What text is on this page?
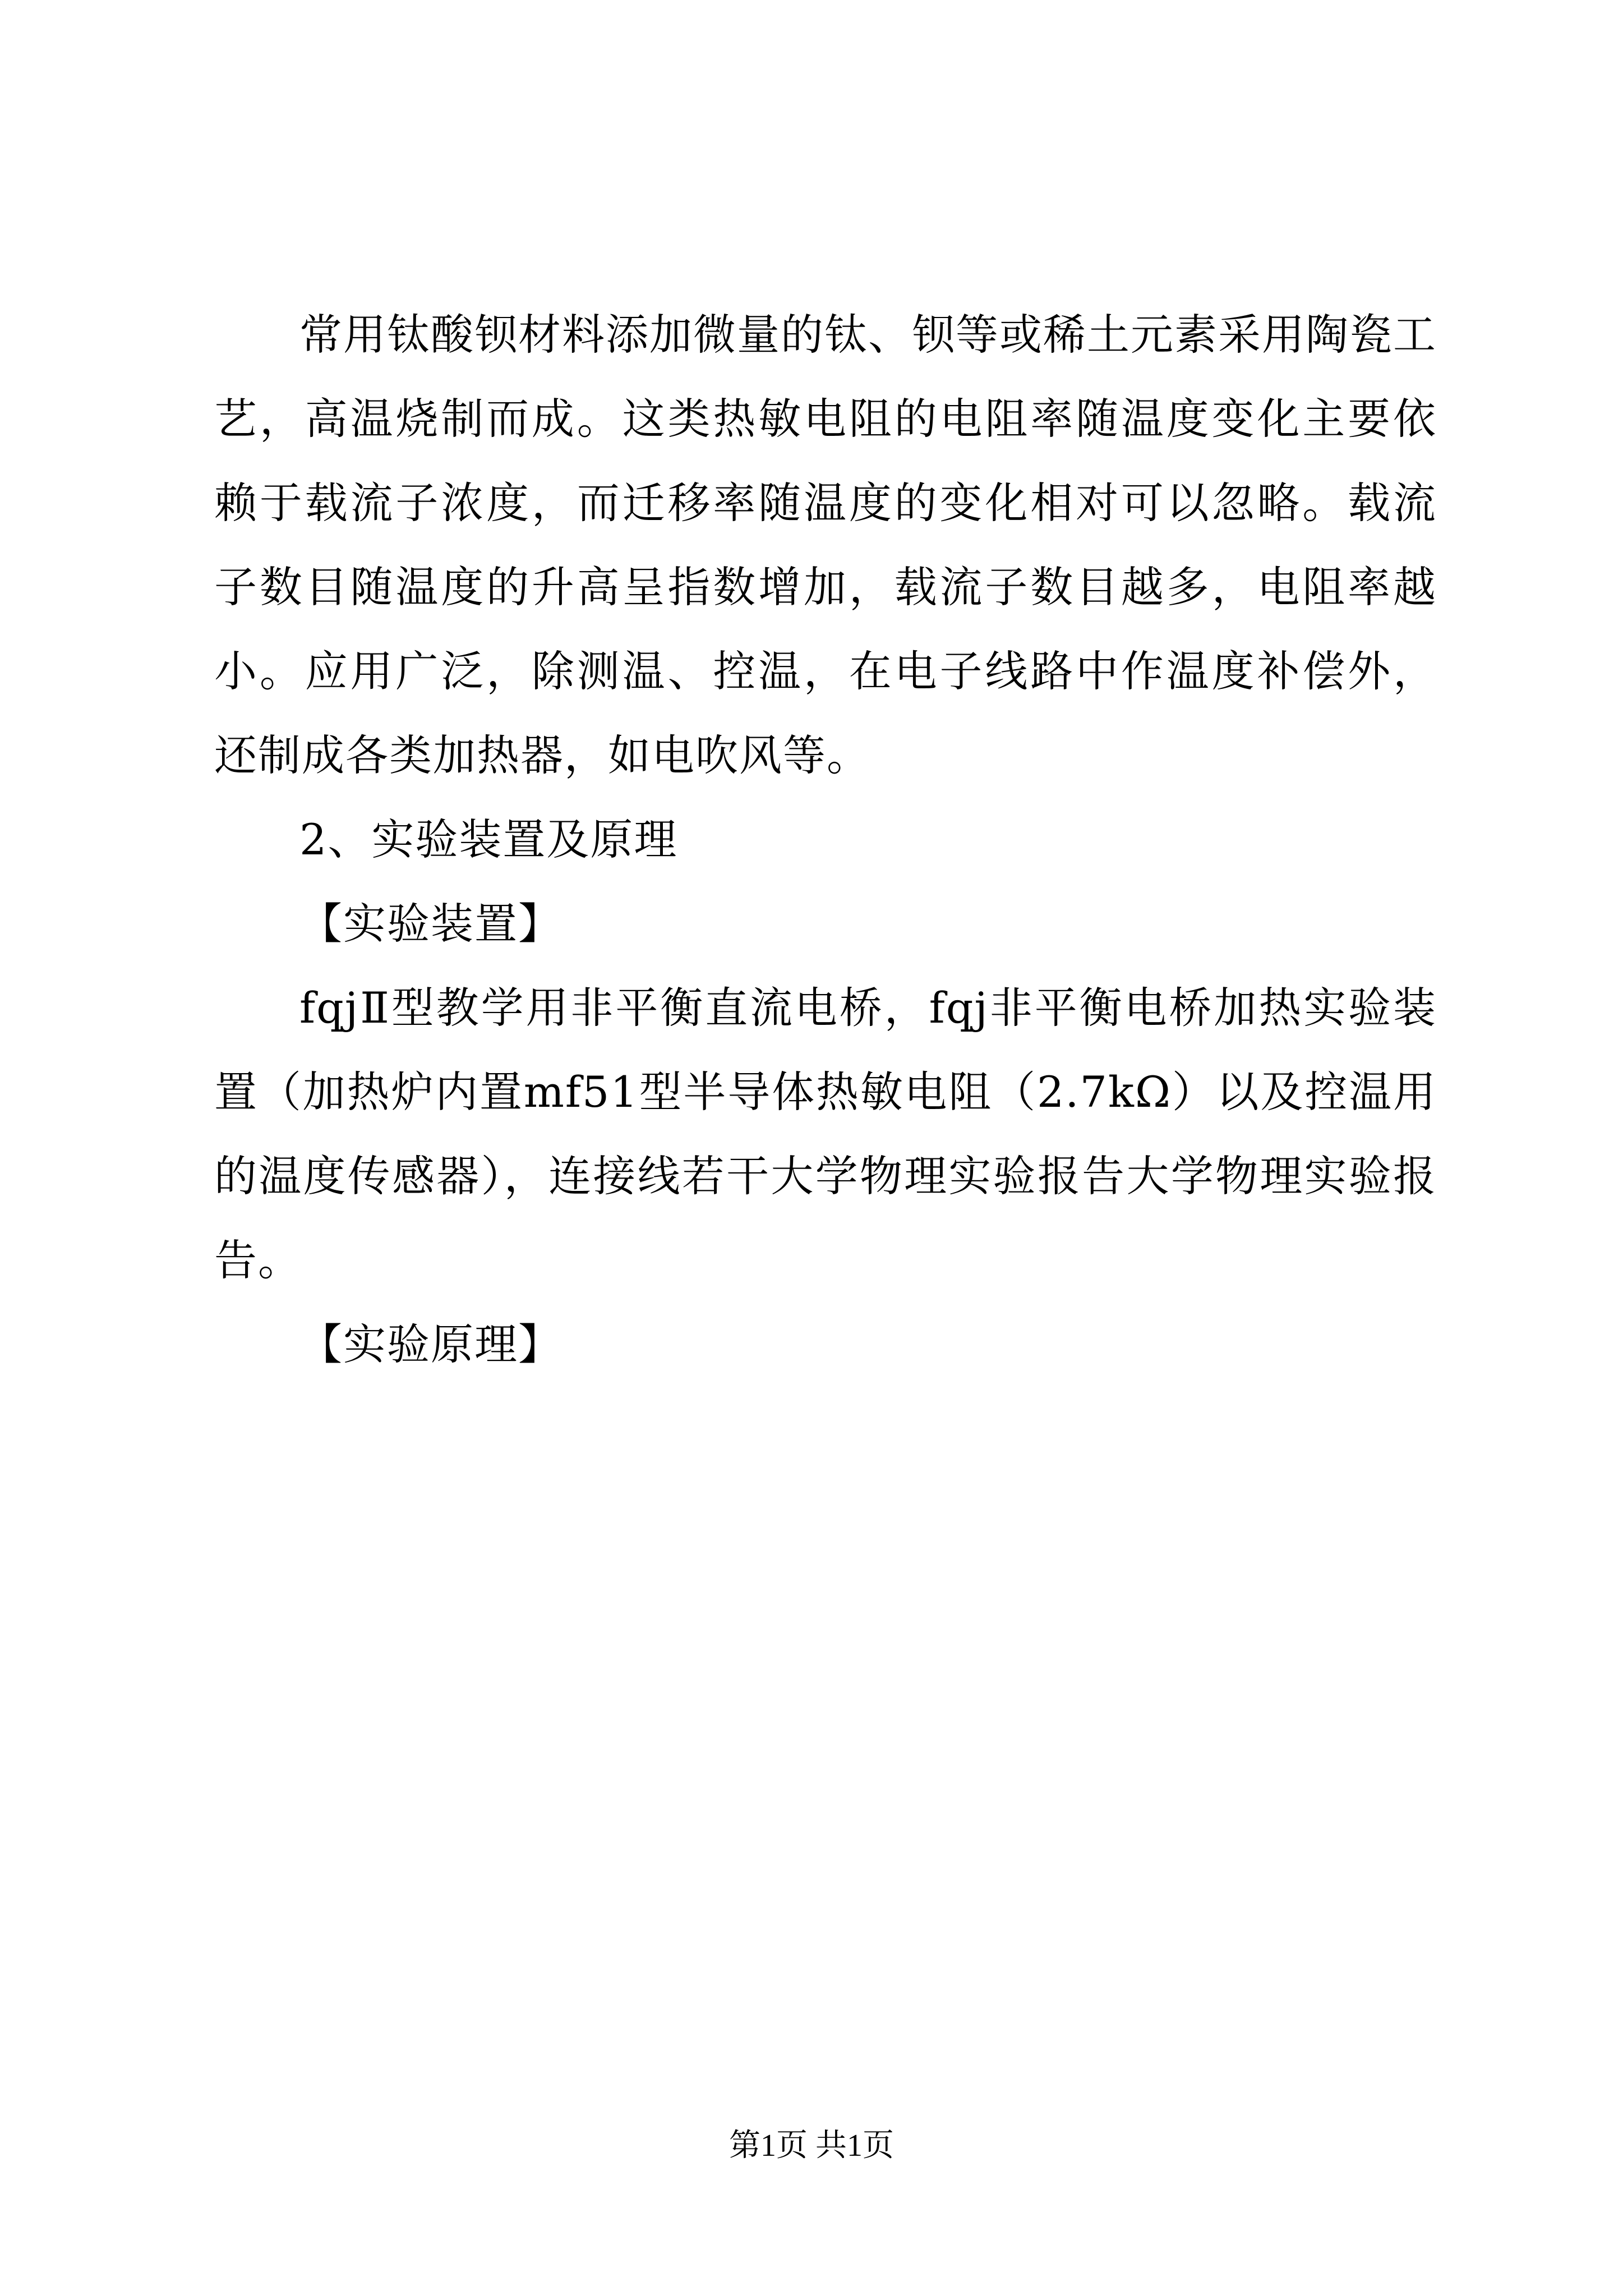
常用钛酸钡材料添加微量的钛、钡等或稀土元素采用陶瓷工艺，高温烧制而成。这类热敏电阻的电阻率随温度变化主要依赖于载流子浓度，而迁移率随温度的变化相对可以忽略。载流子数目随温度的升高呈指数增加，载流子数目越多，电阻率越小。应用广泛，除测温、控温，在电子线路中作温度补偿外，还制成各类加热器，如电吹风等。

2、实验装置及原理

【实验装置】

fqjⅡ型教学用非平衡直流电桥，fqj非平衡电桥加热实验装置（加热炉内置mf51型半导体热敏电阻（2.7kΩ）以及控温用的温度传感器），连接线若干大学物理实验报告大学物理实验报告。

【实验原理】

第1页 共1页
